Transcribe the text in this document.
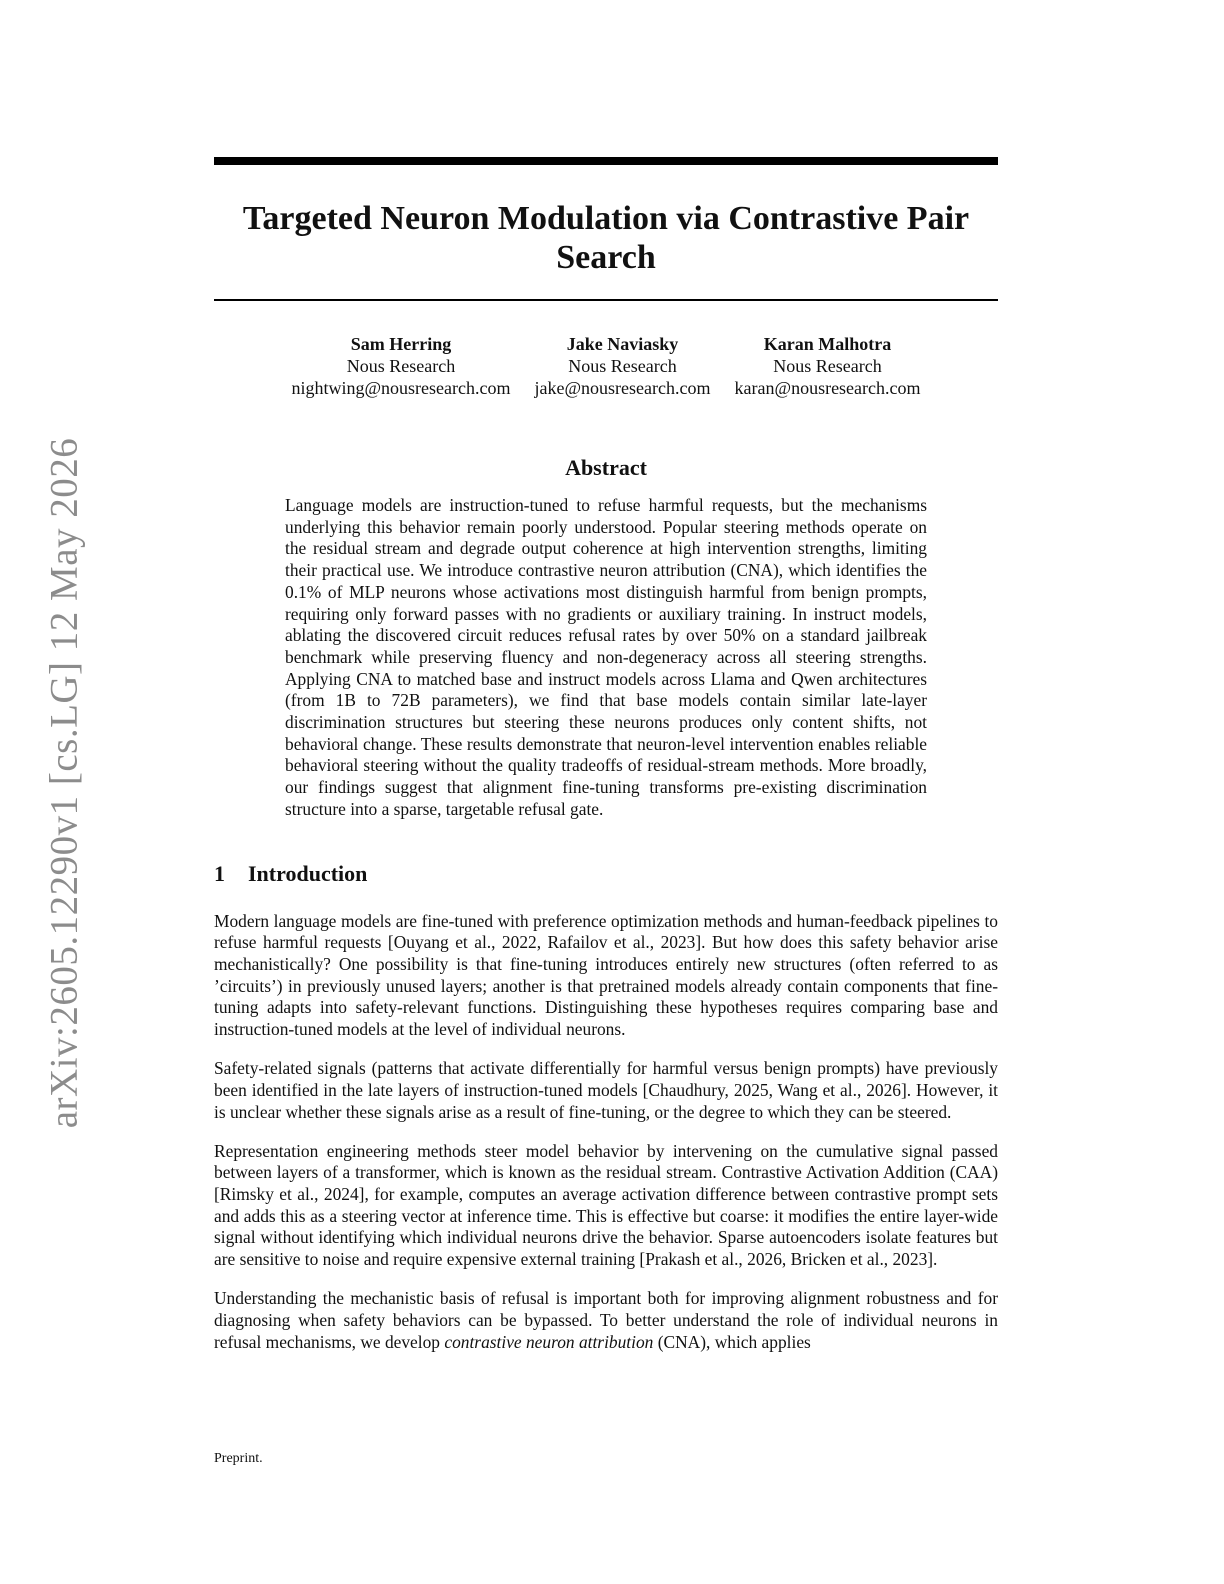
arXiv:2605.12290v1 [cs.LG] 12 May 2026
Targeted Neuron Modulation via Contrastive Pair Search
Sam Herring
Nous Research
nightwing@nousresearch.com
Jake Naviasky
Nous Research
jake@nousresearch.com
Karan Malhotra
Nous Research
karan@nousresearch.com
Abstract

Language models are instruction-tuned to refuse harmful requests, but the mechanisms underlying this behavior remain poorly understood. Popular steering methods operate on the residual stream and degrade output coherence at high intervention strengths, limiting their practical use. We introduce contrastive neuron attribution (CNA), which identifies the 0.1% of MLP neurons whose activations most distinguish harmful from benign prompts, requiring only forward passes with no gradients or auxiliary training. In instruct models, ablating the discovered circuit reduces refusal rates by over 50% on a standard jailbreak benchmark while preserving fluency and non-degeneracy across all steering strengths. Applying CNA to matched base and instruct models across Llama and Qwen architectures (from 1B to 72B parameters), we find that base models contain similar late-layer discrimination structures but steering these neurons produces only content shifts, not behavioral change. These results demonstrate that neuron-level intervention enables reliable behavioral steering without the quality tradeoffs of residual-stream methods. More broadly, our findings suggest that alignment fine-tuning transforms pre-existing discrimination structure into a sparse, targetable refusal gate.

1 Introduction

Modern language models are fine-tuned with preference optimization methods and human-feedback pipelines to refuse harmful requests [Ouyang et al., 2022, Rafailov et al., 2023]. But how does this safety behavior arise mechanistically? One possibility is that fine-tuning introduces entirely new structures (often referred to as ’circuits’) in previously unused layers; another is that pretrained models already contain components that fine-tuning adapts into safety-relevant functions. Distinguishing these hypotheses requires comparing base and instruction-tuned models at the level of individual neurons.

Safety-related signals (patterns that activate differentially for harmful versus benign prompts) have previously been identified in the late layers of instruction-tuned models [Chaudhury, 2025, Wang et al., 2026]. However, it is unclear whether these signals arise as a result of fine-tuning, or the degree to which they can be steered.

Representation engineering methods steer model behavior by intervening on the cumulative signal passed between layers of a transformer, which is known as the residual stream. Contrastive Activation Addition (CAA) [Rimsky et al., 2024], for example, computes an average activation difference between contrastive prompt sets and adds this as a steering vector at inference time. This is effective but coarse: it modifies the entire layer-wide signal without identifying which individual neurons drive the behavior. Sparse autoencoders isolate features but are sensitive to noise and require expensive external training [Prakash et al., 2026, Bricken et al., 2023].

Understanding the mechanistic basis of refusal is important both for improving alignment robustness and for diagnosing when safety behaviors can be bypassed. To better understand the role of individual neurons in refusal mechanisms, we develop contrastive neuron attribution (CNA), which applies

Preprint.
